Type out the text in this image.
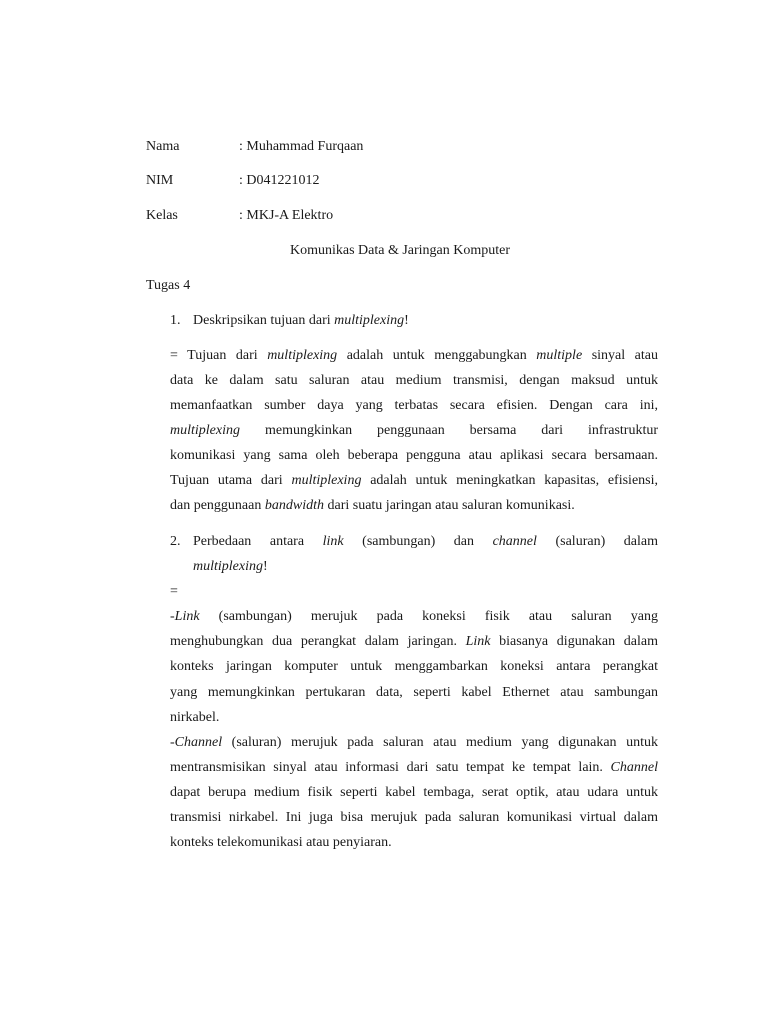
Nama	: Muhammad Furqaan
NIM	: D041221012
Kelas	: MKJ-A Elektro
Komunikas Data & Jaringan Komputer
Tugas 4
1. Deskripsikan tujuan dari multiplexing!
= Tujuan dari multiplexing adalah untuk menggabungkan multiple sinyal atau
data ke dalam satu saluran atau medium transmisi, dengan maksud untuk
memanfaatkan sumber daya yang terbatas secara efisien. Dengan cara ini,
multiplexing memungkinkan penggunaan bersama dari infrastruktur
komunikasi yang sama oleh beberapa pengguna atau aplikasi secara bersamaan.
Tujuan utama dari multiplexing adalah untuk meningkatkan kapasitas, efisiensi,
dan penggunaan bandwidth dari suatu jaringan atau saluran komunikasi.
2. Perbedaan antara link (sambungan) dan channel (saluran) dalam
multiplexing!
=
-Link (sambungan) merujuk pada koneksi fisik atau saluran yang
menghubungkan dua perangkat dalam jaringan. Link biasanya digunakan dalam
konteks jaringan komputer untuk menggambarkan koneksi antara perangkat
yang memungkinkan pertukaran data, seperti kabel Ethernet atau sambungan
nirkabel.
-Channel (saluran) merujuk pada saluran atau medium yang digunakan untuk
mentransmisikan sinyal atau informasi dari satu tempat ke tempat lain. Channel
dapat berupa medium fisik seperti kabel tembaga, serat optik, atau udara untuk
transmisi nirkabel. Ini juga bisa merujuk pada saluran komunikasi virtual dalam
konteks telekomunikasi atau penyiaran.
